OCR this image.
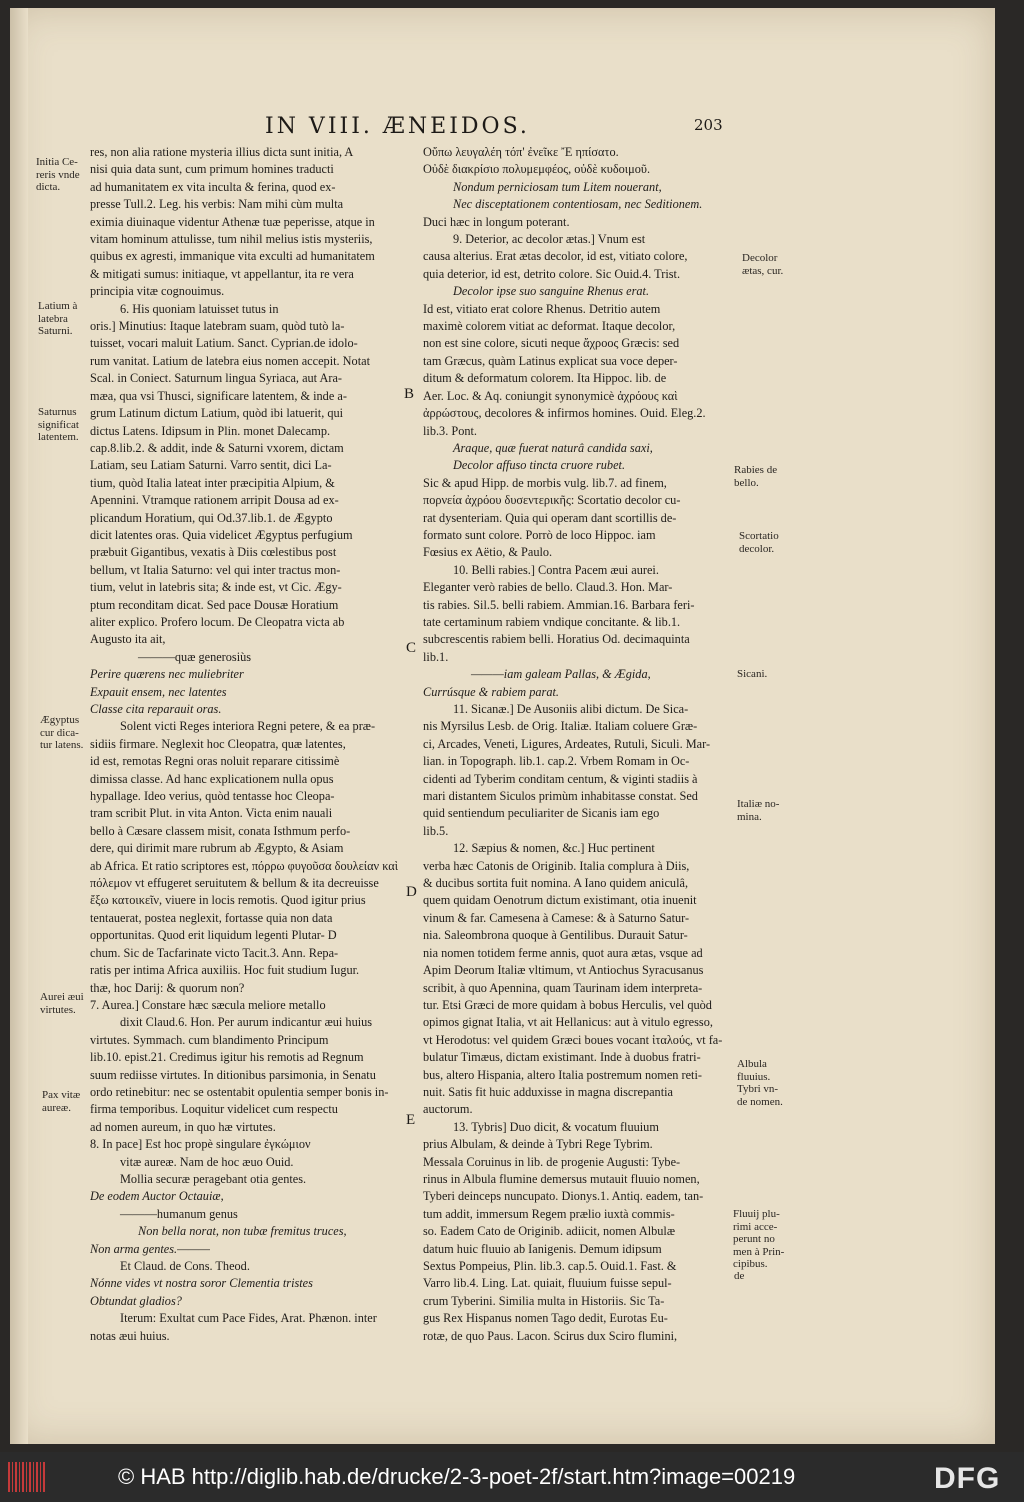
IN VIII. ÆNEIDOS.	203

res, non alia ratione mysteria illius dicta sunt initia, A

nisi quia data sunt, cum primum homines traducti

ad humanitatem ex vita inculta & ferina, quod ex-

presse Tull.2. Leg. his verbis: Nam mihi cùm multa

eximia diuinaque videntur Athenæ tuæ peperisse, atque in

vitam hominum attulisse, tum nihil melius istis mysteriis,

quibus ex agresti, immanique vita exculti ad humanitatem

& mitigati sumus: initiaque, vt appellantur, ita re vera

principia vitæ cognouimus.

6. His quoniam latuisset tutus in

oris.] Minutius: Itaque latebram suam, quòd tutò la-

tuisset, vocari maluit Latium. Sanct. Cyprian.de idolo-

rum vanitat. Latium de latebra eius nomen accepit. Notat

Scal. in Coniect. Saturnum lingua Syriaca, aut Ara-

mæa, qua vsi Thusci, significare latentem, & inde a-

grum Latinum dictum Latium, quòd ibi latuerit, qui

dictus Latens. Idipsum in Plin. monet Dalecamp.

cap.8.lib.2. & addit, inde & Saturni vxorem, dictam

Latiam, seu Latiam Saturni. Varro sentit, dici La-

tium, quòd Italia lateat inter præcipitia Alpium, &

Apennini. Vtramque rationem arripit Dousa ad ex-

plicandum Horatium, qui Od.37.lib.1. de Ægypto

dicit latentes oras. Quia videlicet Ægyptus perfugium

præbuit Gigantibus, vexatis à Diis cœlestibus post

bellum, vt Italia Saturno: vel qui inter tractus mon-

tium, velut in latebris sita; & inde est, vt Cic. Ægy-

ptum reconditam dicat. Sed pace Dousæ Horatium

aliter explico. Profero locum. De Cleopatra victa ab

Augusto ita ait,

———quæ generosiùs

Perire quærens nec muliebriter

Expauit ensem, nec latentes

Classe cita reparauit oras.

Solent victi Reges interiora Regni petere, & ea præ-

sidiis firmare. Neglexit hoc Cleopatra, quæ latentes,

id est, remotas Regni oras noluit reparare citissimè

dimissa classe. Ad hanc explicationem nulla opus

hypallage. Ideo verius, quòd tentasse hoc Cleopa-

tram scribit Plut. in vita Anton. Victa enim nauali

bello à Cæsare classem misit, conata Isthmum perfo-

dere, qui dirimit mare rubrum ab Ægypto, & Asiam

ab Africa. Et ratio scriptores est, πόρρω φυγοῦσα δουλείαν καὶ

πόλεμον vt effugeret seruitutem & bellum & ita decreuisse

ἔξω κατοικεῖν, viuere in locis remotis. Quod igitur prius

tentauerat, postea neglexit, fortasse quia non data

opportunitas. Quod erit liquidum legenti Plutar- D

chum. Sic de Tacfarinate victo Tacit.3. Ann. Repa-

ratis per intima Africa auxiliis. Hoc fuit studium Iugur.

thæ, hoc Darij: & quorum non?

7. Aurea.] Constare hæc sæcula meliore metallo

dixit Claud.6. Hon. Per aurum indicantur æui huius

virtutes. Symmach. cum blandimento Principum

lib.10. epist.21. Credimus igitur his remotis ad Regnum

suum rediisse virtutes. In ditionibus parsimonia, in Senatu

ordo retinebitur: nec se ostentabit opulentia semper bonis in-

firma temporibus. Loquitur videlicet cum respectu

ad nomen aureum, in quo hæ virtutes.

8. In pace] Est hoc propè singulare ἐγκώμιον

vitæ aureæ. Nam de hoc æuo Ouid.

Mollia securæ peragebant otia gentes.

De eodem Auctor Octauiæ,

———humanum genus

Non bella norat, non tubæ fremitus truces,

Non arma gentes.———

Et Claud. de Cons. Theod.

Nónne vides vt nostra soror Clementia tristes

Obtundat gladios?

Iterum: Exultat cum Pace Fides, Arat. Phænon. inter

notas æui huius.

Οὔπω λευγαλέη τόπ' ἐνεῖκε Ἔ ηπίσατο.

Οὐδὲ διακρίσιο πολυμεμφέος, οὐδὲ κυδοιμοῦ.

Nondum perniciosam tum Litem nouerant,

Nec disceptationem contentiosam, nec Seditionem.

Duci hæc in longum poterant.

9. Deterior, ac decolor ætas.] Vnum est

causa alterius. Erat ætas decolor, id est, vitiato colore,

quia deterior, id est, detrito colore. Sic Ouid.4. Trist.

Decolor ipse suo sanguine Rhenus erat.

Id est, vitiato erat colore Rhenus. Detritio autem

maximè colorem vitiat ac deformat. Itaque decolor,

non est sine colore, sicuti neque ἄχροος Græcis: sed

tam Græcus, quàm Latinus explicat sua voce deper-

ditum & deformatum colorem. Ita Hippoc. lib. de

Aer. Loc. & Aq. coniungit synonymicè ἀχρόους καὶ

ἀρρώστους, decolores & infirmos homines. Ouid. Eleg.2.

lib.3. Pont.

Araque, quæ fuerat naturâ candida saxi,

Decolor affuso tincta cruore rubet.

Sic & apud Hipp. de morbis vulg. lib.7. ad finem,

πορνεία ἀχρόου δυσεντερικῆς: Scortatio decolor cu-

rat dysenteriam. Quia qui operam dant scortillis de-

formato sunt colore. Porrò de loco Hippoc. iam

Fœsius ex Aëtio, & Paulo.

10. Belli rabies.] Contra Pacem æui aurei.

Eleganter verò rabies de bello. Claud.3. Hon. Mar-

tis rabies. Sil.5. belli rabiem. Ammian.16. Barbara feri-

tate certaminum rabiem vndique concitante. & lib.1.

subcrescentis rabiem belli. Horatius Od. decimaquinta

lib.1.

———iam galeam Pallas, & Ægida,

Currúsque & rabiem parat.

11. Sicanæ.] De Ausoniis alibi dictum. De Sica-

nis Myrsilus Lesb. de Orig. Italiæ. Italiam coluere Græ-

ci, Arcades, Veneti, Ligures, Ardeates, Rutuli, Siculi. Mar-

lian. in Topograph. lib.1. cap.2. Vrbem Romam in Oc-

cidenti ad Tyberim conditam centum, & viginti stadiis à

mari distantem Siculos primùm inhabitasse constat. Sed

quid sentiendum peculiariter de Sicanis iam ego

lib.5.

12. Sæpius & nomen, &c.] Huc pertinent

verba hæc Catonis de Originib. Italia complura à Diis,

& ducibus sortita fuit nomina. A Iano quidem aniculâ,

quem quidam Oenotrum dictum existimant, otia inuenit

vinum & far. Camesena à Camese: & à Saturno Satur-

nia. Saleombrona quoque à Gentilibus. Durauit Satur-

nia nomen totidem ferme annis, quot aura ætas, vsque ad

Apim Deorum Italiæ vltimum, vt Antiochus Syracusanus

scribit, à quo Apennina, quam Taurinam idem interpreta-

tur. Etsi Græci de more quidam à bobus Herculis, vel quòd

opimos gignat Italia, vt ait Hellanicus: aut à vitulo egresso,

vt Herodotus: vel quidem Græci boues vocant ἰταλούς, vt fa-

bulatur Timæus, dictam existimant. Inde à duobus fratri-

bus, altero Hispania, altero Italia postremum nomen reti-

nuit. Satis fit huic adduxisse in magna discrepantia

auctorum.

13. Tybris] Duo dicit, & vocatum fluuium

prius Albulam, & deinde à Tybri Rege Tybrim.

Messala Coruinus in lib. de progenie Augusti: Tybe-

rinus in Albula flumine demersus mutauit fluuio nomen,

Tyberi deinceps nuncupato. Dionys.1. Antiq. eadem, tan-

tum addit, immersum Regem prælio iuxtà commis-

so. Eadem Cato de Originib. adiicit, nomen Albulæ

datum huic fluuio ab Ianigenis. Demum idipsum

Sextus Pompeius, Plin. lib.3. cap.5. Ouid.1. Fast. &

Varro lib.4. Ling. Lat. quiait, fluuium fuisse sepul-

crum Tyberini. Similia multa in Historiis. Sic Ta-

gus Rex Hispanus nomen Tago dedit, Eurotas Eu-

rotæ, de quo Paus. Lacon. Scirus dux Sciro flumini,

Initia Ce-
reris vnde
dicta.
Latium à
latebra
Saturni.
Saturnus
significat
latentem.
Ægyptus
cur dica-
tur latens.
Aurei æui
virtutes.
Pax vitæ
aureæ.
Decolor
ætas, cur.
Rabies de
bello.
Scortatio
decolor.
Sicani.
Italiæ no-
mina.
Albula
fluuius.
Tybri vn-
de nomen.
Fluuij plu-
rimi acce-
perunt no
men à Prin-
cipibus.
de
B
C
D
E
© HAB http://diglib.hab.de/drucke/2-3-poet-2f/start.htm?image=00219	DFG
